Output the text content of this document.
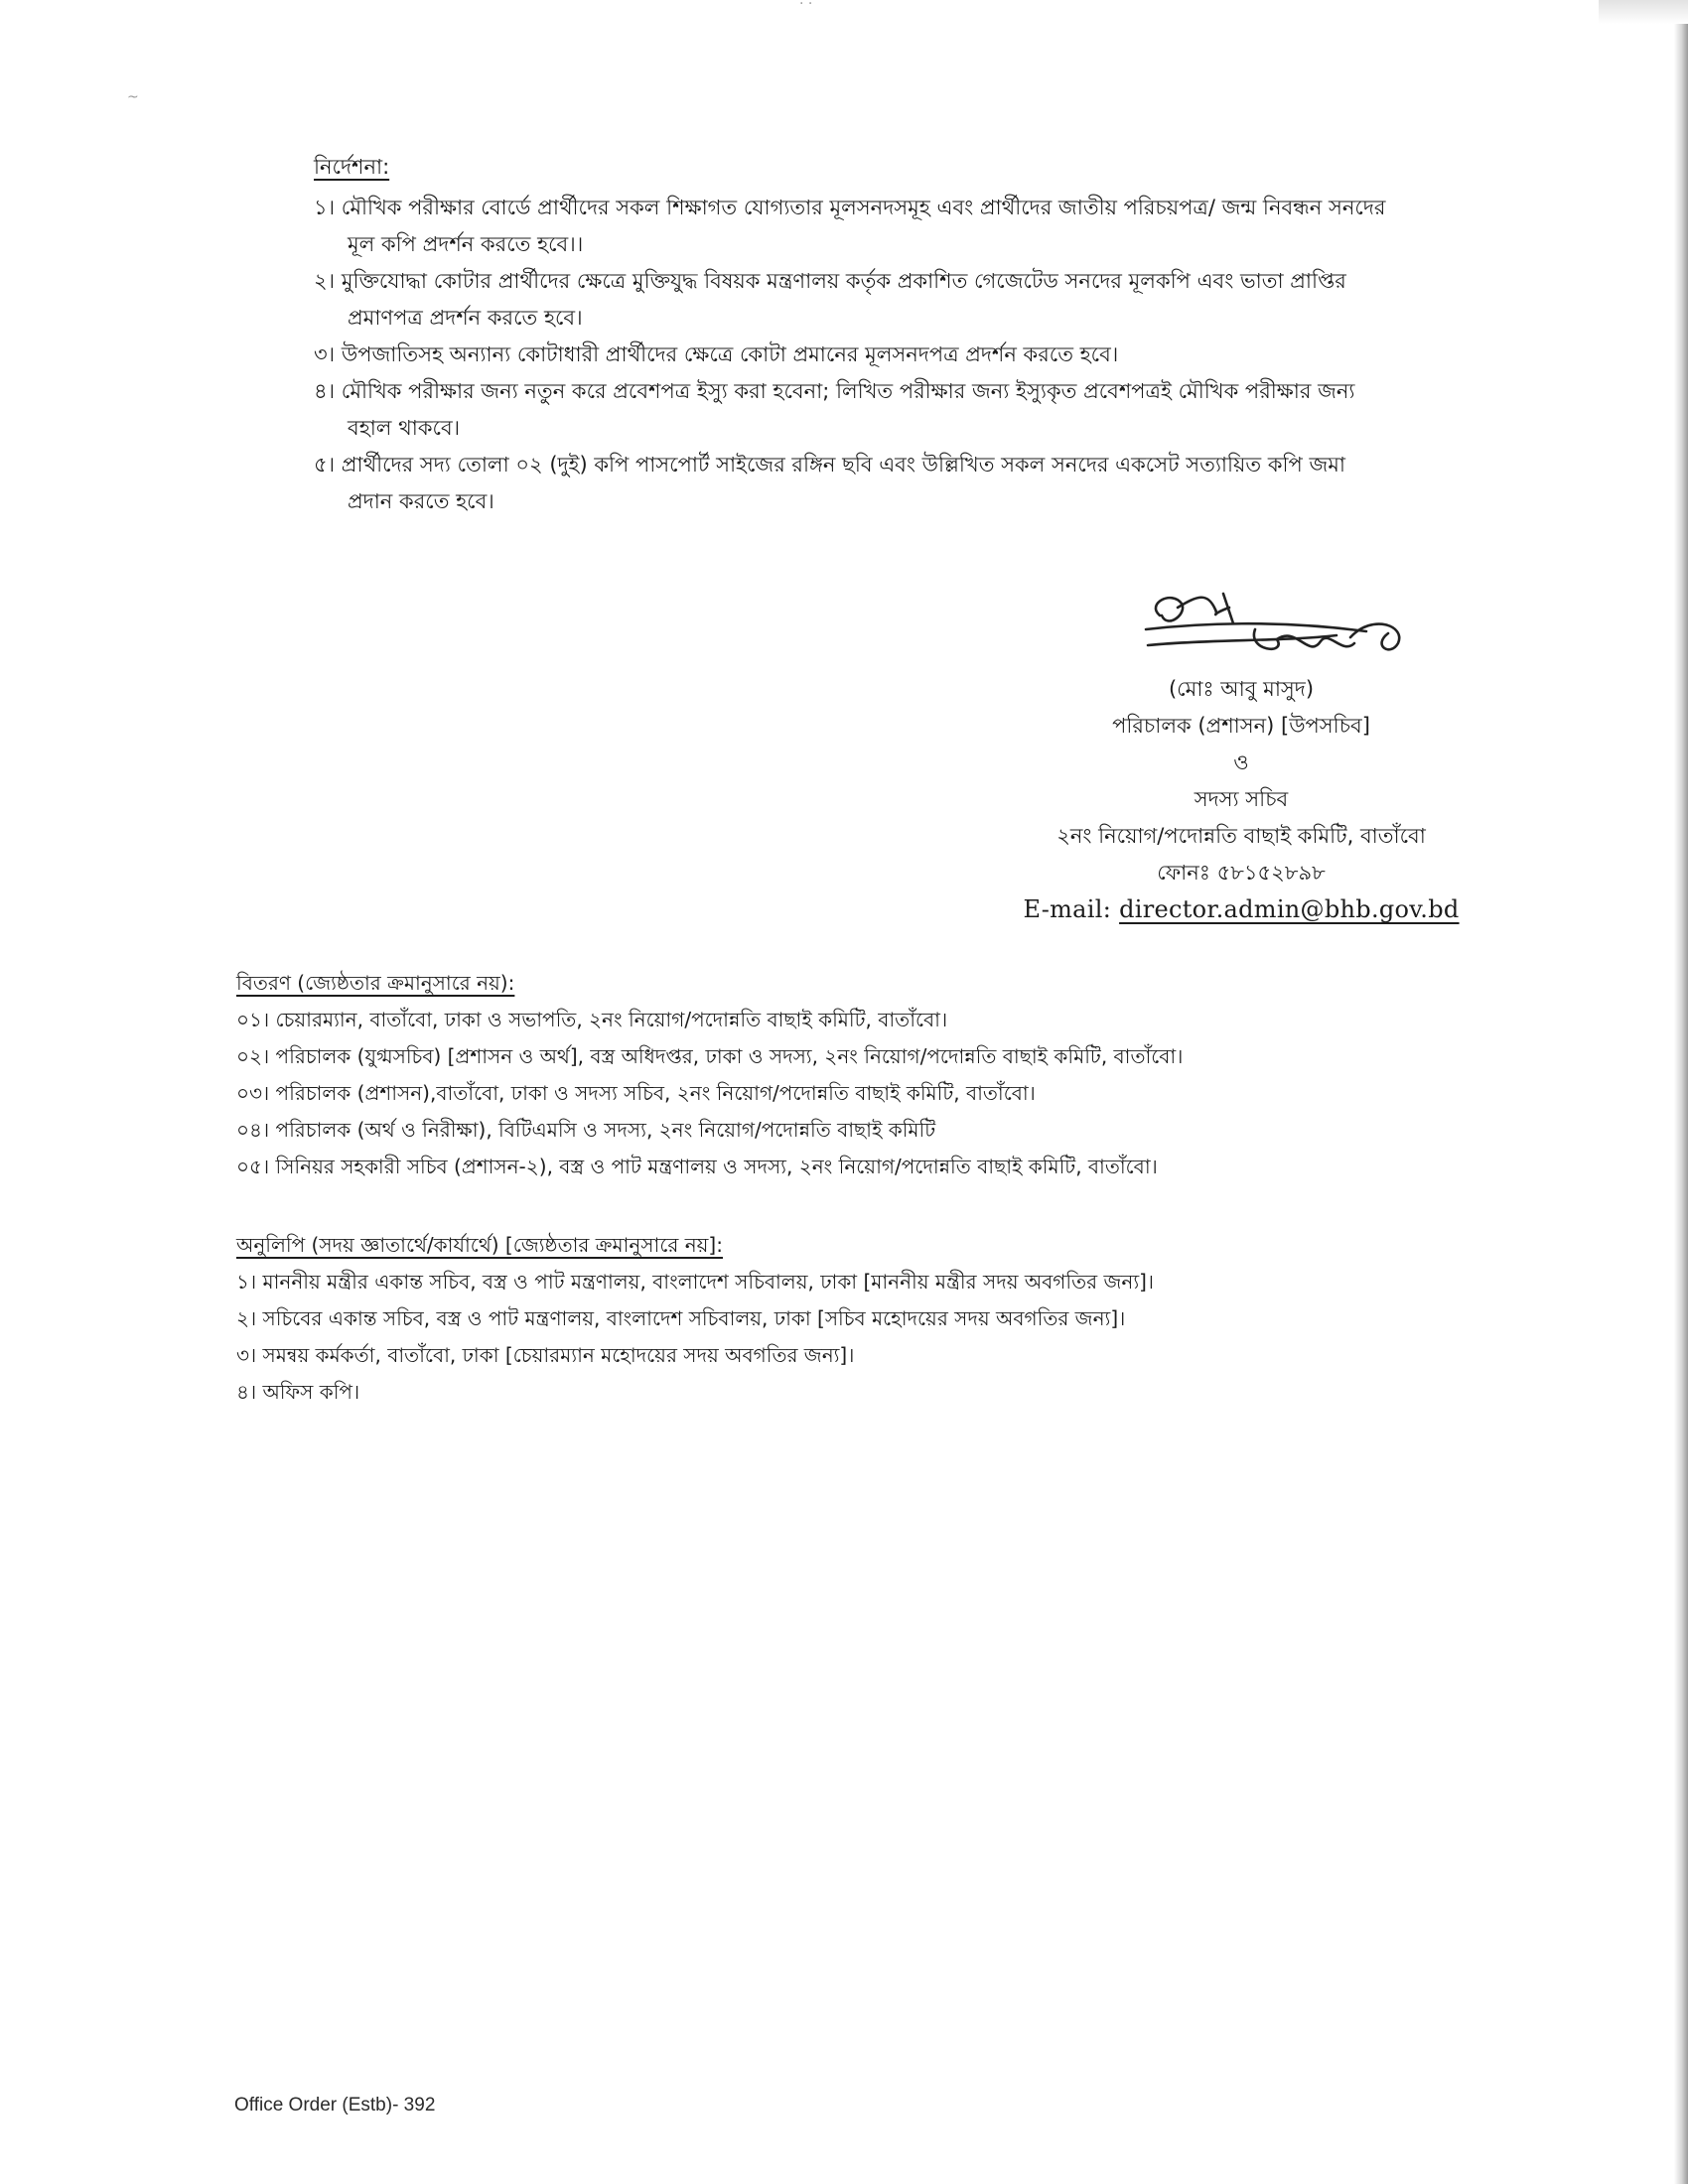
~
· ·
নির্দেশনা:

১। মৌখিক পরীক্ষার বোর্ডে প্রার্থীদের সকল শিক্ষাগত যোগ্যতার মূলসনদসমূহ এবং প্রার্থীদের জাতীয় পরিচয়পত্র/ জন্ম নিবন্ধন সনদের মূল কপি প্রদর্শন করতে হবে।।

২। মুক্তিযোদ্ধা কোটার প্রার্থীদের ক্ষেত্রে মুক্তিযুদ্ধ বিষয়ক মন্ত্রণালয় কর্তৃক প্রকাশিত গেজেটেড সনদের মূলকপি এবং ভাতা প্রাপ্তির প্রমাণপত্র প্রদর্শন করতে হবে।

৩। উপজাতিসহ অন্যান্য কোটাধারী প্রার্থীদের ক্ষেত্রে কোটা প্রমানের মূলসনদপত্র প্রদর্শন করতে হবে।

৪। মৌখিক পরীক্ষার জন্য নতুন করে প্রবেশপত্র ইস্যু করা হবেনা; লিখিত পরীক্ষার জন্য ইস্যুকৃত প্রবেশপত্রই মৌখিক পরীক্ষার জন্য বহাল থাকবে।

৫। প্রার্থীদের সদ্য তোলা ০২ (দুই) কপি পাসপোর্ট সাইজের রঙ্গিন ছবি এবং উল্লিখিত সকল সনদের একসেট সত্যায়িত কপি জমা প্রদান করতে হবে।

(মোঃ আবু মাসুদ)
পরিচালক (প্রশাসন) [উপসচিব]
ও
সদস্য সচিব
২নং নিয়োগ/পদোন্নতি বাছাই কমিটি, বাতাঁবো
ফোনঃ ৫৮১৫২৮৯৮
E-mail: director.admin@bhb.gov.bd
বিতরণ (জ্যেষ্ঠতার ক্রমানুসারে নয়):

০১। চেয়ারম্যান, বাতাঁবো, ঢাকা ও সভাপতি, ২নং নিয়োগ/পদোন্নতি বাছাই কমিটি, বাতাঁবো।

০২। পরিচালক (যুগ্মসচিব) [প্রশাসন ও অর্থ], বস্ত্র অধিদপ্তর, ঢাকা ও সদস্য, ২নং নিয়োগ/পদোন্নতি বাছাই কমিটি, বাতাঁবো।

০৩। পরিচালক (প্রশাসন),বাতাঁবো, ঢাকা ও সদস্য সচিব, ২নং নিয়োগ/পদোন্নতি বাছাই কমিটি, বাতাঁবো।

০৪। পরিচালক (অর্থ ও নিরীক্ষা), বিটিএমসি ও সদস্য, ২নং নিয়োগ/পদোন্নতি বাছাই কমিটি

০৫। সিনিয়র সহকারী সচিব (প্রশাসন-২), বস্ত্র ও পাট মন্ত্রণালয় ও সদস্য, ২নং নিয়োগ/পদোন্নতি বাছাই কমিটি, বাতাঁবো।

অনুলিপি (সদয় জ্ঞাতার্থে/কার্যার্থে) [জ্যেষ্ঠতার ক্রমানুসারে নয়]:

১। মাননীয় মন্ত্রীর একান্ত সচিব, বস্ত্র ও পাট মন্ত্রণালয়, বাংলাদেশ সচিবালয়, ঢাকা [মাননীয় মন্ত্রীর সদয় অবগতির জন্য]।

২। সচিবের একান্ত সচিব, বস্ত্র ও পাট মন্ত্রণালয়, বাংলাদেশ সচিবালয়, ঢাকা [সচিব মহোদয়ের সদয় অবগতির জন্য]।

৩। সমন্বয় কর্মকর্তা, বাতাঁবো, ঢাকা [চেয়ারম্যান মহোদয়ের সদয় অবগতির জন্য]।

৪। অফিস কপি।

Office Order (Estb)- 392
